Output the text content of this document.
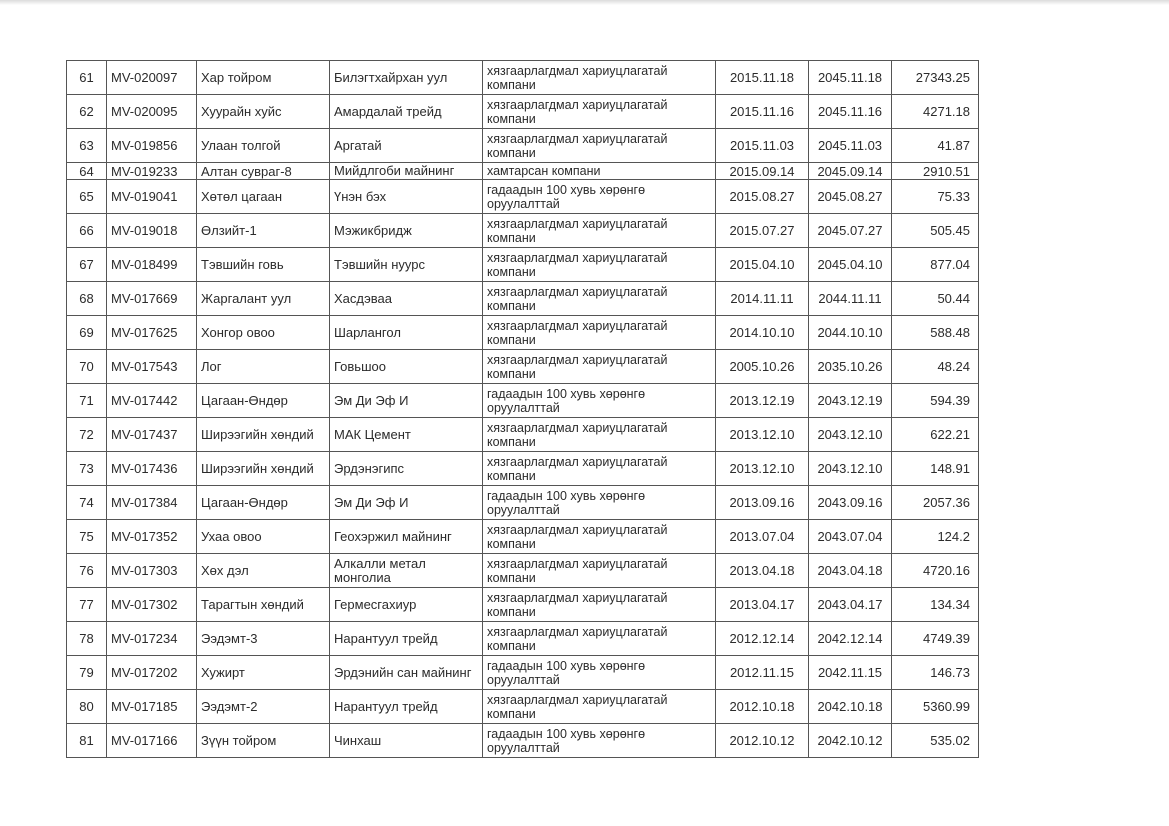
61	MV-020097	Хар тойром	Билэгтхайрхан уул	хязгаарлагдмал хариуцлагатай компани	2015.11.18	2045.11.18	27343.25
62	MV-020095	Хуурайн хуйс	Амардалай трейд	хязгаарлагдмал хариуцлагатай компани	2015.11.16	2045.11.16	4271.18
63	MV-019856	Улаан толгой	Аргатай	хязгаарлагдмал хариуцлагатай компани	2015.11.03	2045.11.03	41.87
64	MV-019233	Алтан сувраг-8	Мийдлгоби майнинг	хамтарсан компани	2015.09.14	2045.09.14	2910.51
65	MV-019041	Хөтөл цагаан	Үнэн бэх	гадаадын 100 хувь хөрөнгө оруулалттай	2015.08.27	2045.08.27	75.33
66	MV-019018	Өлзийт-1	Мэжикбридж	хязгаарлагдмал хариуцлагатай компани	2015.07.27	2045.07.27	505.45
67	MV-018499	Тэвшийн говь	Тэвшийн нуурс	хязгаарлагдмал хариуцлагатай компани	2015.04.10	2045.04.10	877.04
68	MV-017669	Жаргалант уул	Хасдэваа	хязгаарлагдмал хариуцлагатай компани	2014.11.11	2044.11.11	50.44
69	MV-017625	Хонгор овоо	Шарлангол	хязгаарлагдмал хариуцлагатай компани	2014.10.10	2044.10.10	588.48
70	MV-017543	Лог	Говьшоо	хязгаарлагдмал хариуцлагатай компани	2005.10.26	2035.10.26	48.24
71	MV-017442	Цагаан-Өндөр	Эм Ди Эф И	гадаадын 100 хувь хөрөнгө оруулалттай	2013.12.19	2043.12.19	594.39
72	MV-017437	Ширээгийн хөндий	МАК Цемент	хязгаарлагдмал хариуцлагатай компани	2013.12.10	2043.12.10	622.21
73	MV-017436	Ширээгийн хөндий	Эрдэнэгипс	хязгаарлагдмал хариуцлагатай компани	2013.12.10	2043.12.10	148.91
74	MV-017384	Цагаан-Өндөр	Эм Ди Эф И	гадаадын 100 хувь хөрөнгө оруулалттай	2013.09.16	2043.09.16	2057.36
75	MV-017352	Ухаа овоо	Геохэржил майнинг	хязгаарлагдмал хариуцлагатай компани	2013.07.04	2043.07.04	124.2
76	MV-017303	Хөх дэл	Алкалли метал монголиа	хязгаарлагдмал хариуцлагатай компани	2013.04.18	2043.04.18	4720.16
77	MV-017302	Тарагтын хөндий	Гермесгахиур	хязгаарлагдмал хариуцлагатай компани	2013.04.17	2043.04.17	134.34
78	MV-017234	Ээдэмт-3	Нарантуул трейд	хязгаарлагдмал хариуцлагатай компани	2012.12.14	2042.12.14	4749.39
79	MV-017202	Хужирт	Эрдэнийн сан майнинг	гадаадын 100 хувь хөрөнгө оруулалттай	2012.11.15	2042.11.15	146.73
80	MV-017185	Ээдэмт-2	Нарантуул трейд	хязгаарлагдмал хариуцлагатай компани	2012.10.18	2042.10.18	5360.99
81	MV-017166	Зүүн тойром	Чинхаш	гадаадын 100 хувь хөрөнгө оруулалттай	2012.10.12	2042.10.12	535.02
